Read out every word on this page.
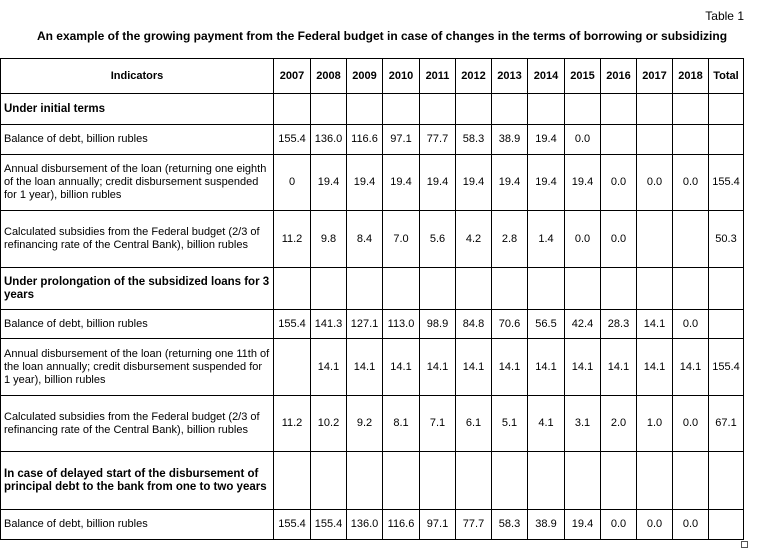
Table 1
An example of the growing payment from the Federal budget in case of changes in the terms of borrowing or subsidizing
Indicators	2007	2008	2009	2010	2011	2012	2013	2014	2015	2016	2017	2018	Total
Under initial terms													
Balance of debt, billion rubles	155.4	136.0	116.6	97.1	77.7	58.3	38.9	19.4	0.0				
Annual disbursement of the loan (returning one eighth of the loan annually; credit disbursement suspended for 1 year), billion rubles	0	19.4	19.4	19.4	19.4	19.4	19.4	19.4	19.4	0.0	0.0	0.0	155.4
Calculated subsidies from the Federal budget (2/3 of refinancing rate of the Central Bank), billion rubles	11.2	9.8	8.4	7.0	5.6	4.2	2.8	1.4	0.0	0.0			50.3
Under prolongation of the subsidized loans for 3 years													
Balance of debt, billion rubles	155.4	141.3	127.1	113.0	98.9	84.8	70.6	56.5	42.4	28.3	14.1	0.0	
Annual disbursement of the loan (returning one 11th of the loan annually; credit disbursement suspended for 1 year), billion rubles		14.1	14.1	14.1	14.1	14.1	14.1	14.1	14.1	14.1	14.1	14.1	155.4
Calculated subsidies from the Federal budget (2/3 of refinancing rate of the Central Bank), billion rubles	11.2	10.2	9.2	8.1	7.1	6.1	5.1	4.1	3.1	2.0	1.0	0.0	67.1
In case of delayed start of the disbursement of principal debt to the bank from one to two years													
Balance of debt, billion rubles	155.4	155.4	136.0	116.6	97.1	77.7	58.3	38.9	19.4	0.0	0.0	0.0	
